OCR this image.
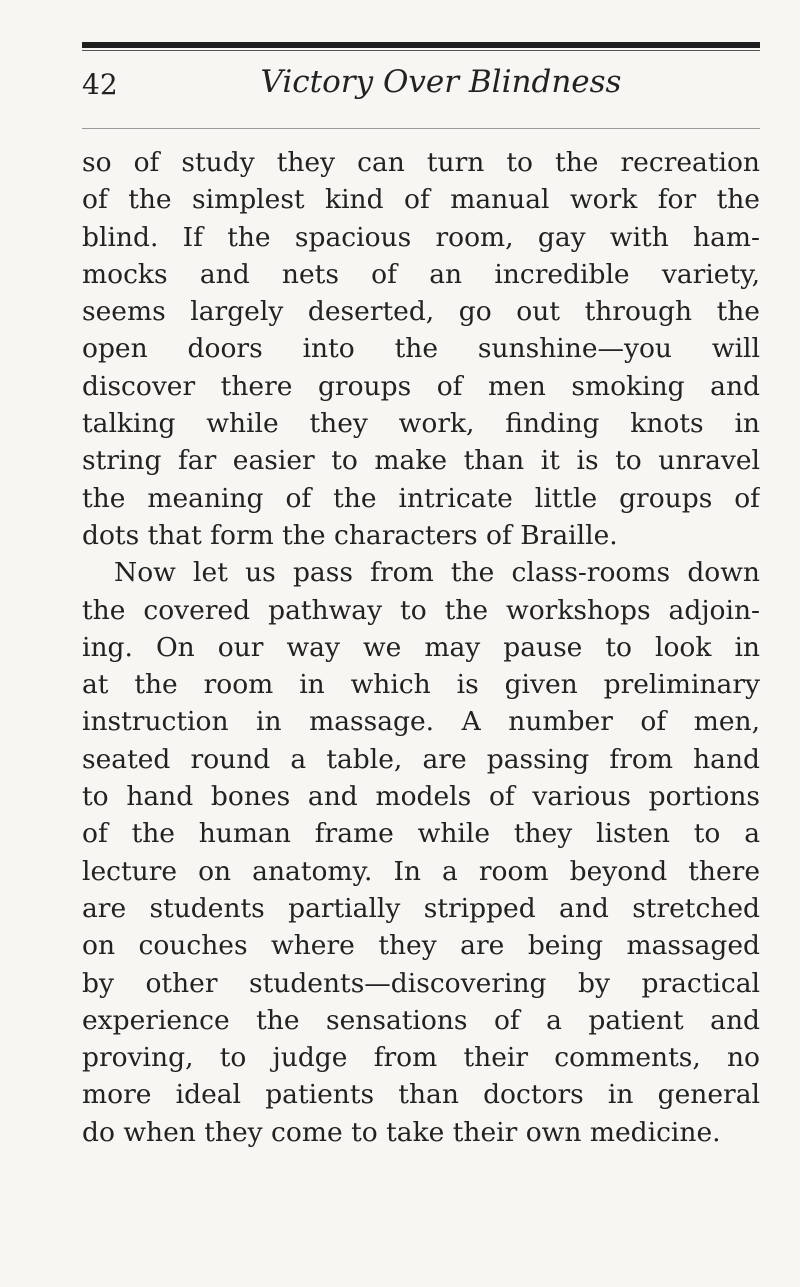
42	Victory Over Blindness
so of study they can turn to the recreation
of the simplest kind of manual work for the
blind. If the spacious room, gay with ham-
mocks and nets of an incredible variety,
seems largely deserted, go out through the
open doors into the sunshine—you will
discover there groups of men smoking and
talking while they work, finding knots in
string far easier to make than it is to unravel
the meaning of the intricate little groups of
dots that form the characters of Braille.
Now let us pass from the class-rooms down
the covered pathway to the workshops adjoin-
ing. On our way we may pause to look in
at the room in which is given preliminary
instruction in massage. A number of men,
seated round a table, are passing from hand
to hand bones and models of various portions
of the human frame while they listen to a
lecture on anatomy. In a room beyond there
are students partially stripped and stretched
on couches where they are being massaged
by other students—discovering by practical
experience the sensations of a patient and
proving, to judge from their comments, no
more ideal patients than doctors in general
do when they come to take their own medicine.
